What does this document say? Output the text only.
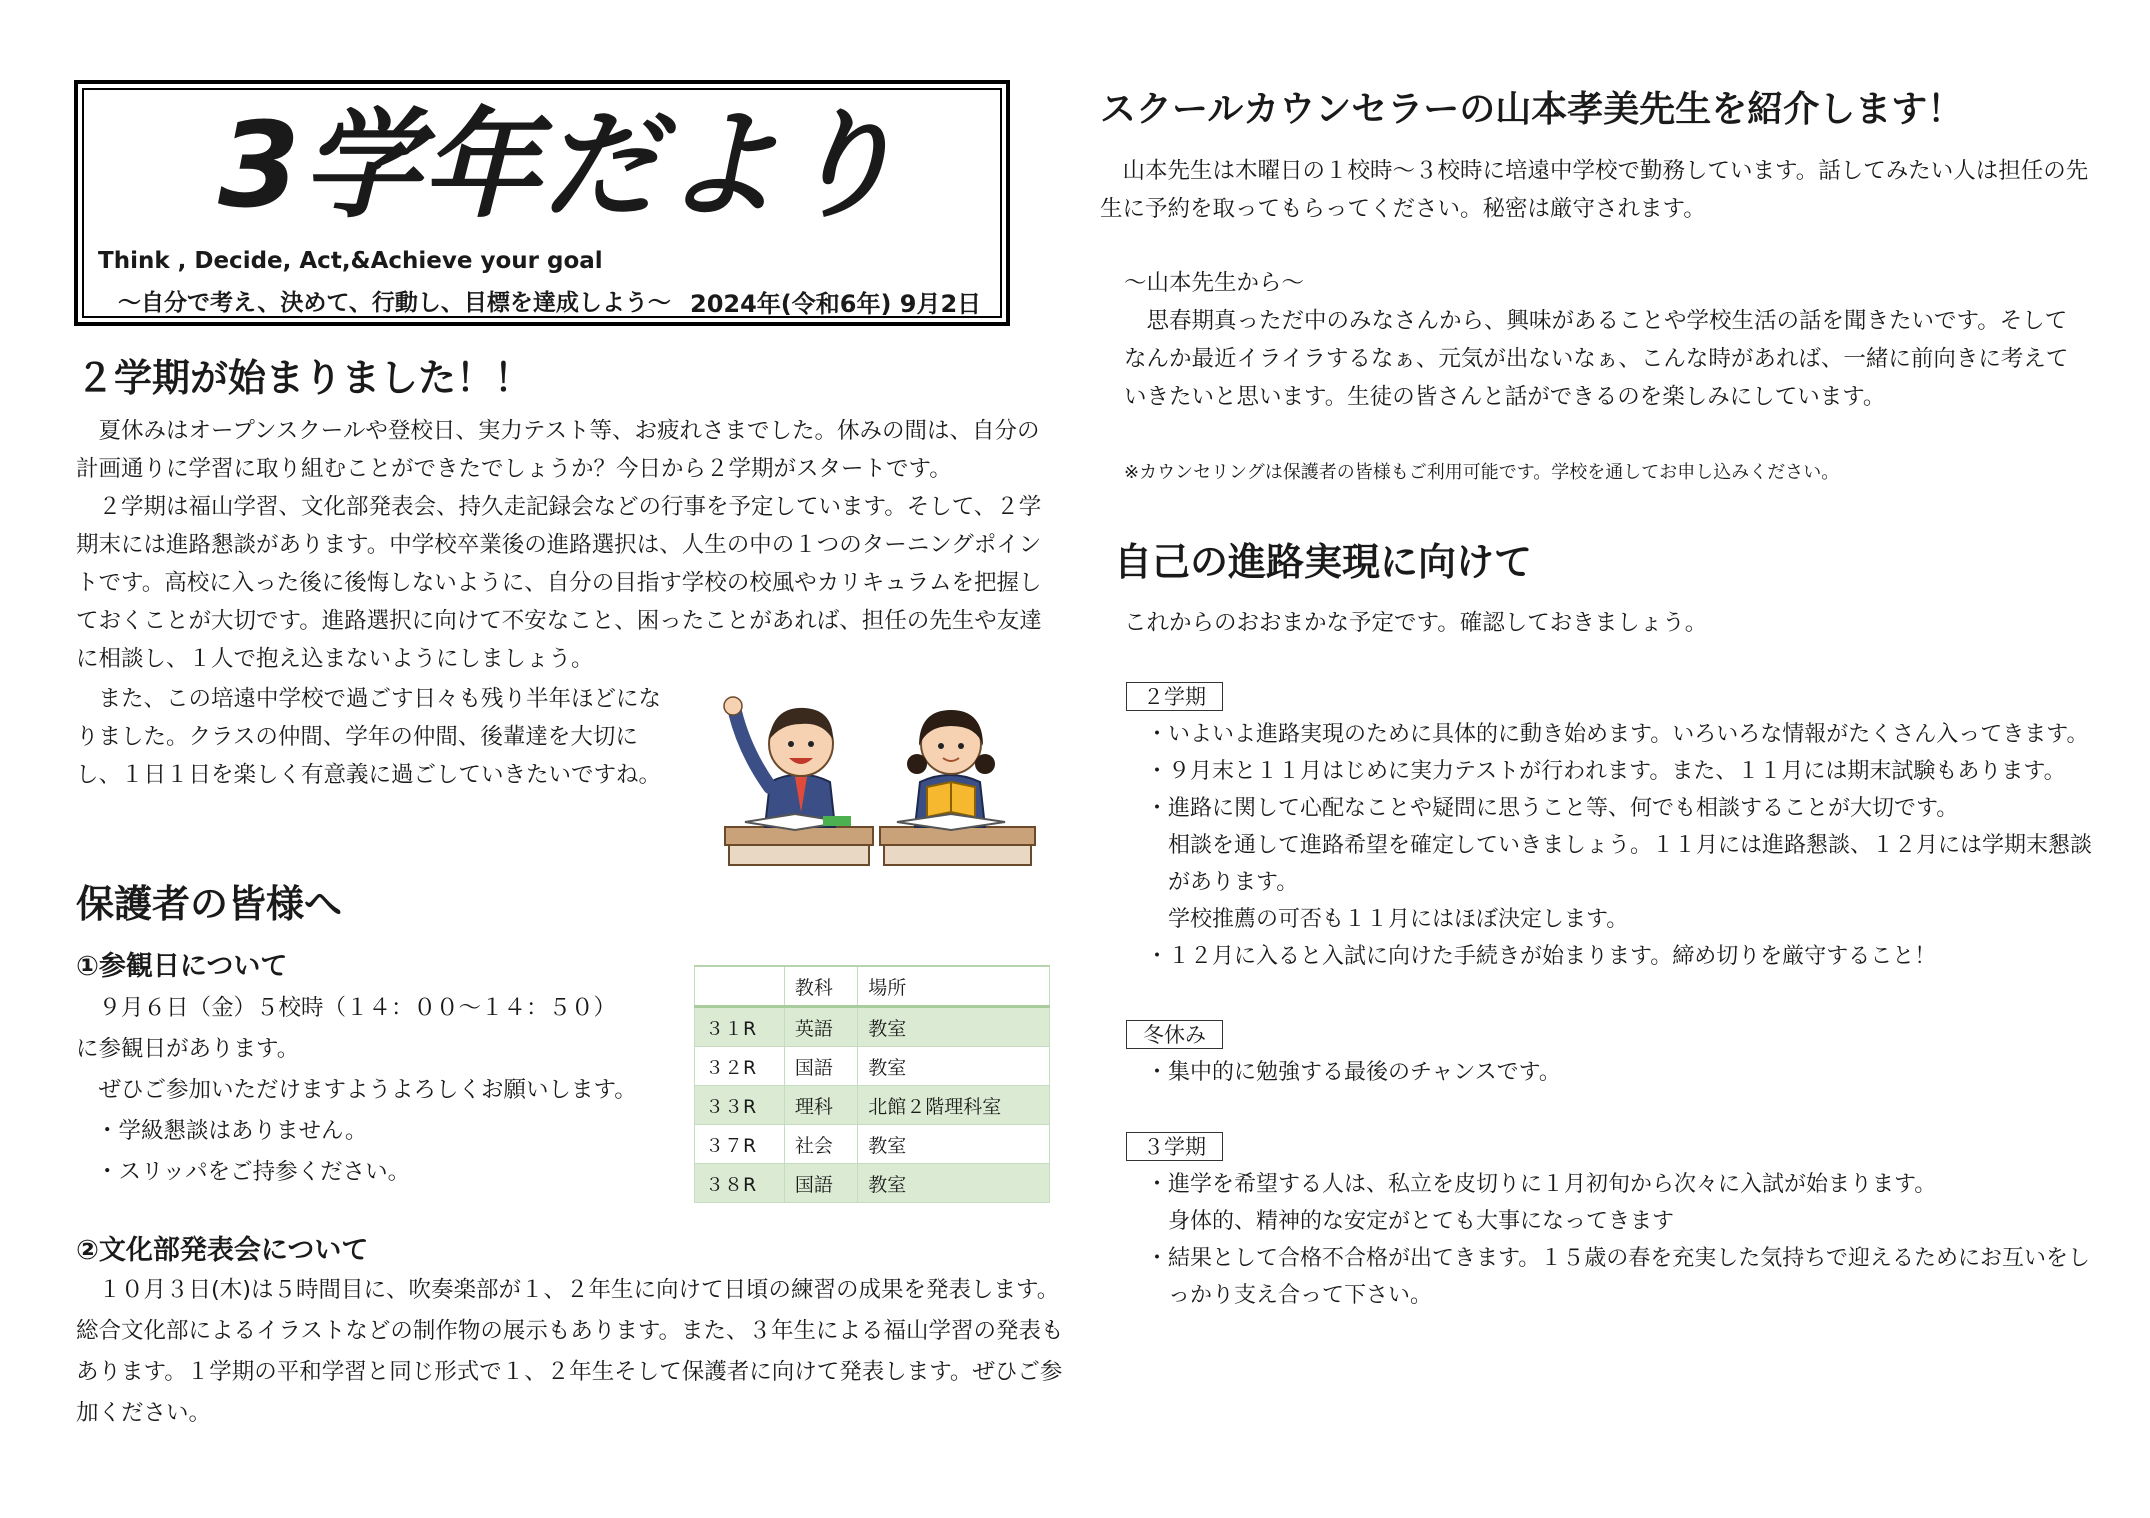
3学年だより
Think , Decide, Act,&Achieve your goal
～自分で考え、決めて、行動し、目標を達成しよう～ 2024年(令和6年) 9月2日
２学期が始まりました！！

夏休みはオープンスクールや登校日、実力テスト等、お疲れさまでした。休みの間は、自分の計画通りに学習に取り組むことができたでしょうか？今日から２学期がスタートです。

２学期は福山学習、文化部発表会、持久走記録会などの行事を予定しています。そして、２学期末には進路懇談があります。中学校卒業後の進路選択は、人生の中の１つのターニングポイントです。高校に入った後に後悔しないように、自分の目指す学校の校風やカリキュラムを把握しておくことが大切です。進路選択に向けて不安なこと、困ったことがあれば、担任の先生や友達に相談し、１人で抱え込まないようにしましょう。

また、この培遠中学校で過ごす日々も残り半年ほどになりました。クラスの仲間、学年の仲間、後輩達を大切にし、１日１日を楽しく有意義に過ごしていきたいですね。

保護者の皆様へ
①参観日について

９月６日（金）５校時（１４：００～１４：５０）

に参観日があります。

ぜひご参加いただけますようよろしくお願いします。

・学級懇談はありません。

・スリッパをご持参ください。

	教科	場所
３１R	英語	教室
３２R	国語	教室
３３R	理科	北館２階理科室
３７R	社会	教室
３８R	国語	教室
②文化部発表会について

１０月３日(木)は５時間目に、吹奏楽部が１、２年生に向けて日頃の練習の成果を発表します。総合文化部によるイラストなどの制作物の展示もあります。また、３年生による福山学習の発表もあります。１学期の平和学習と同じ形式で１、２年生そして保護者に向けて発表します。ぜひご参加ください。

スクールカウンセラーの山本孝美先生を紹介します！

山本先生は木曜日の１校時～３校時に培遠中学校で勤務しています。話してみたい人は担任の先生に予約を取ってもらってください。秘密は厳守されます。

～山本先生から～

思春期真っただ中のみなさんから、興味があることや学校生活の話を聞きたいです。そしてなんか最近イライラするなぁ、元気が出ないなぁ、こんな時があれば、一緒に前向きに考えていきたいと思います。生徒の皆さんと話ができるのを楽しみにしています。

※カウンセリングは保護者の皆様もご利用可能です。学校を通してお申し込みください。
自己の進路実現に向けて
これからのおおまかな予定です。確認しておきましょう。
２学期
・ いよいよ進路実現のために具体的に動き始めます。いろいろな情報がたくさん入ってきます。
・ ９月末と１１月はじめに実力テストが行われます。また、１１月には期末試験もあります。
・ 進路に関して心配なことや疑問に思うこと等、何でも相談することが大切です。
相談を通して進路希望を確定していきましょう。１１月には進路懇談、１２月には学期末懇談があります。
学校推薦の可否も１１月にはほぼ決定します。
・ １２月に入ると入試に向けた手続きが始まります。締め切りを厳守すること！
冬休み
・ 集中的に勉強する最後のチャンスです。
３学期
・ 進学を希望する人は、私立を皮切りに１月初旬から次々に入試が始まります。
身体的、精神的な安定がとても大事になってきます
・ 結果として合格不合格が出てきます。１５歳の春を充実した気持ちで迎えるためにお互いをしっかり支え合って下さい。
